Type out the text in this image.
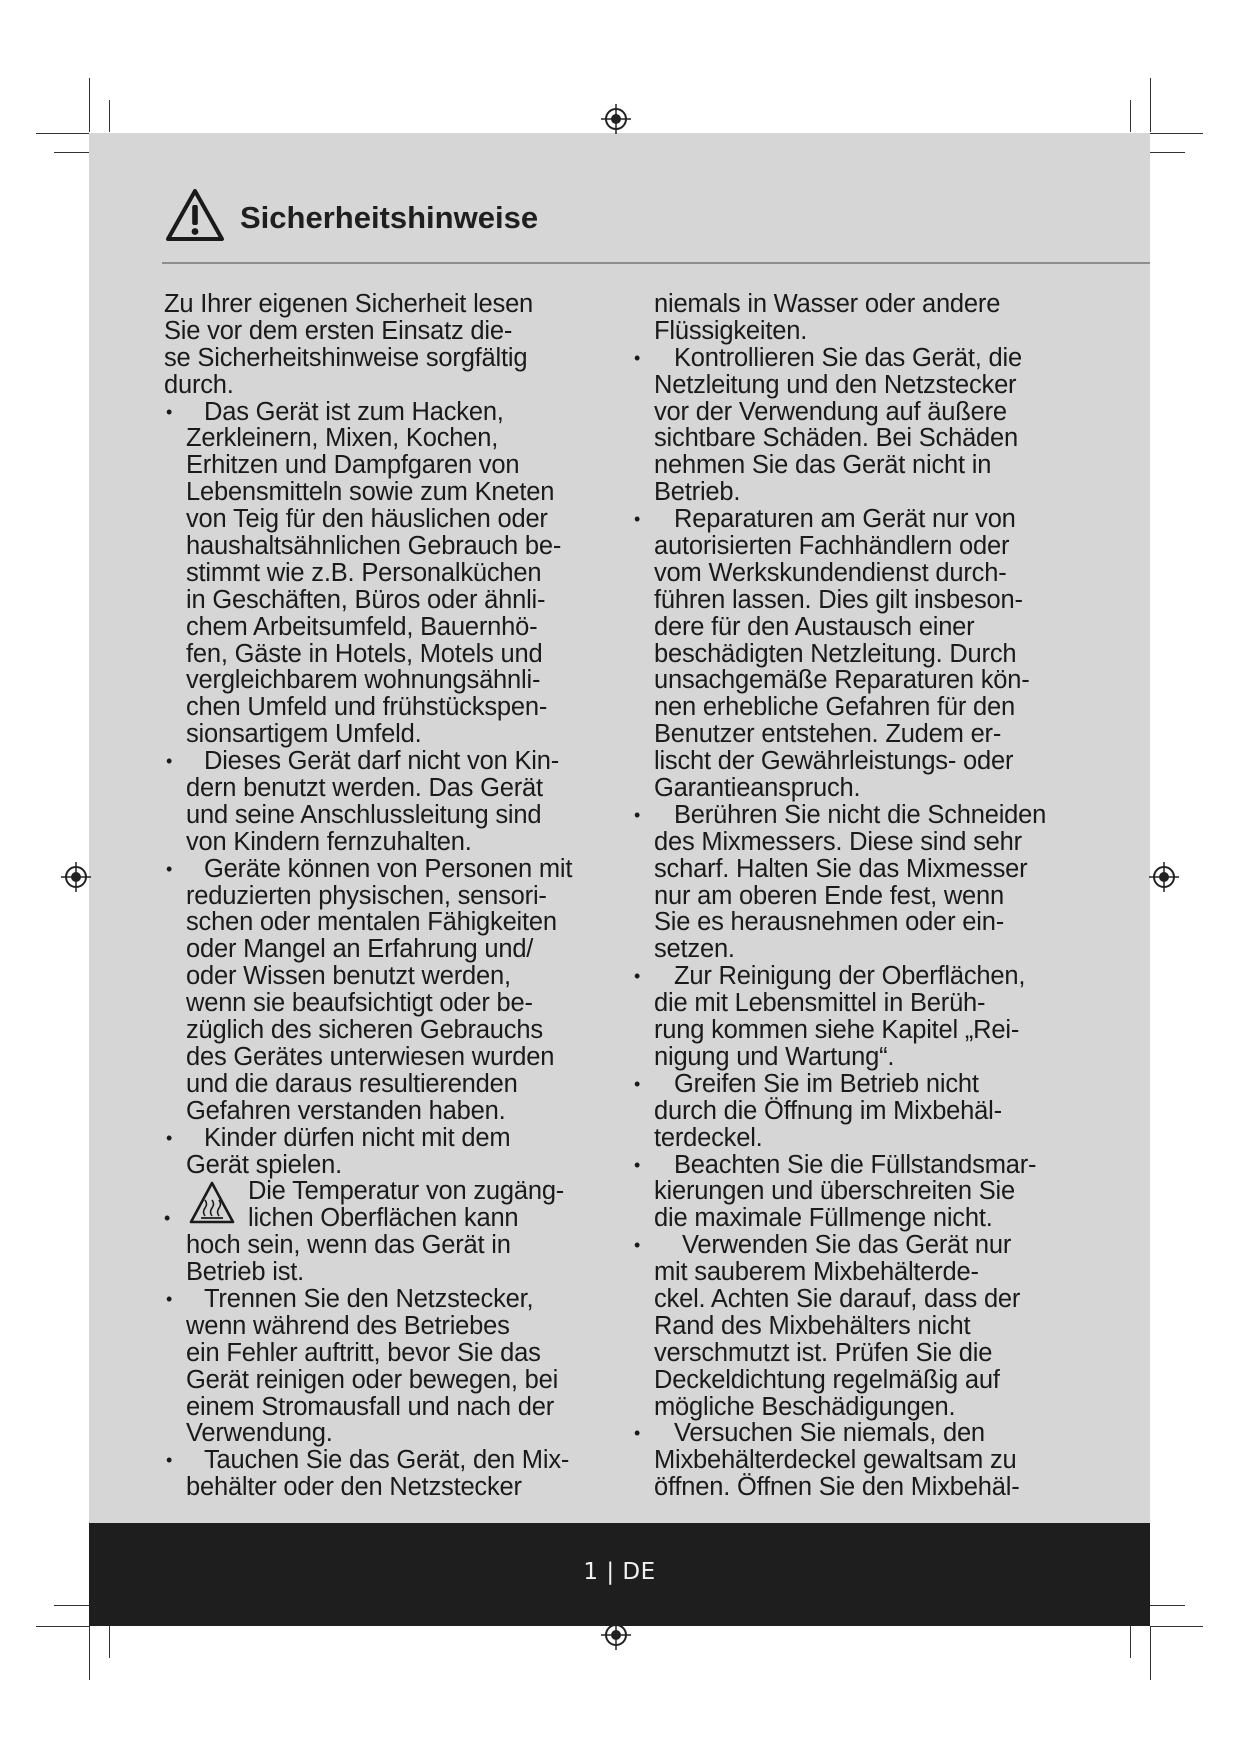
Sicherheitshinweise
Zu Ihrer eigenen Sicherheit lesen
Sie vor dem ersten Einsatz die-
se Sicherheitshinweise sorgfältig
durch.
• Das Gerät ist zum Hacken,
Zerkleinern, Mixen, Kochen,
Erhitzen und Dampfgaren von
Lebensmitteln sowie zum Kneten
von Teig für den häuslichen oder
haushaltsähnlichen Gebrauch be-
stimmt wie z.B. Personalküchen
in Geschäften, Büros oder ähnli-
chem Arbeitsumfeld, Bauernhö-
fen, Gäste in Hotels, Motels und
vergleichbarem wohnungsähnli-
chen Umfeld und frühstückspen-
sionsartigem Umfeld.
• Dieses Gerät darf nicht von Kin-
dern benutzt werden. Das Gerät
und seine Anschlussleitung sind
von Kindern fernzuhalten.
• Geräte können von Personen mit
reduzierten physischen, sensori-
schen oder mentalen Fähigkeiten
oder Mangel an Erfahrung und/
oder Wissen benutzt werden,
wenn sie beaufsichtigt oder be-
züglich des sicheren Gebrauchs
des Gerätes unterwiesen wurden
und die daraus resultierenden
Gefahren verstanden haben.
• Kinder dürfen nicht mit dem
Gerät spielen.
Die Temperatur von zugäng-
•	lichen Oberflächen kann
hoch sein, wenn das Gerät in
Betrieb ist.
• Trennen Sie den Netzstecker,
wenn während des Betriebes
ein Fehler auftritt, bevor Sie das
Gerät reinigen oder bewegen, bei
einem Stromausfall und nach der
Verwendung.
• Tauchen Sie das Gerät, den Mix-
behälter oder den Netzstecker
niemals in Wasser oder andere
Flüssigkeiten.
• Kontrollieren Sie das Gerät, die
Netzleitung und den Netzstecker
vor der Verwendung auf äußere
sichtbare Schäden. Bei Schäden
nehmen Sie das Gerät nicht in
Betrieb.
• Reparaturen am Gerät nur von
autorisierten Fachhändlern oder
vom Werkskundendienst durch-
führen lassen. Dies gilt insbeson-
dere für den Austausch einer
beschädigten Netzleitung. Durch
unsachgemäße Reparaturen kön-
nen erhebliche Gefahren für den
Benutzer entstehen. Zudem er-
lischt der Gewährleistungs- oder
Garantieanspruch.
• Berühren Sie nicht die Schneiden
des Mixmessers. Diese sind sehr
scharf. Halten Sie das Mixmesser
nur am oberen Ende fest, wenn
Sie es herausnehmen oder ein-
setzen.
• Zur Reinigung der Oberflächen,
die mit Lebensmittel in Berüh-
rung kommen siehe Kapitel „Rei-
nigung und Wartung“.
• Greifen Sie im Betrieb nicht
durch die Öffnung im Mixbehäl-
terdeckel.
• Beachten Sie die Füllstandsmar-
kierungen und überschreiten Sie
die maximale Füllmenge nicht.
• Verwenden Sie das Gerät nur
mit sauberem Mixbehälterde-
ckel. Achten Sie darauf, dass der
Rand des Mixbehälters nicht
verschmutzt ist. Prüfen Sie die
Deckeldichtung regelmäßig auf
mögliche Beschädigungen.
• Versuchen Sie niemals, den
Mixbehälterdeckel gewaltsam zu
öffnen. Öffnen Sie den Mixbehäl-
1 | DE
